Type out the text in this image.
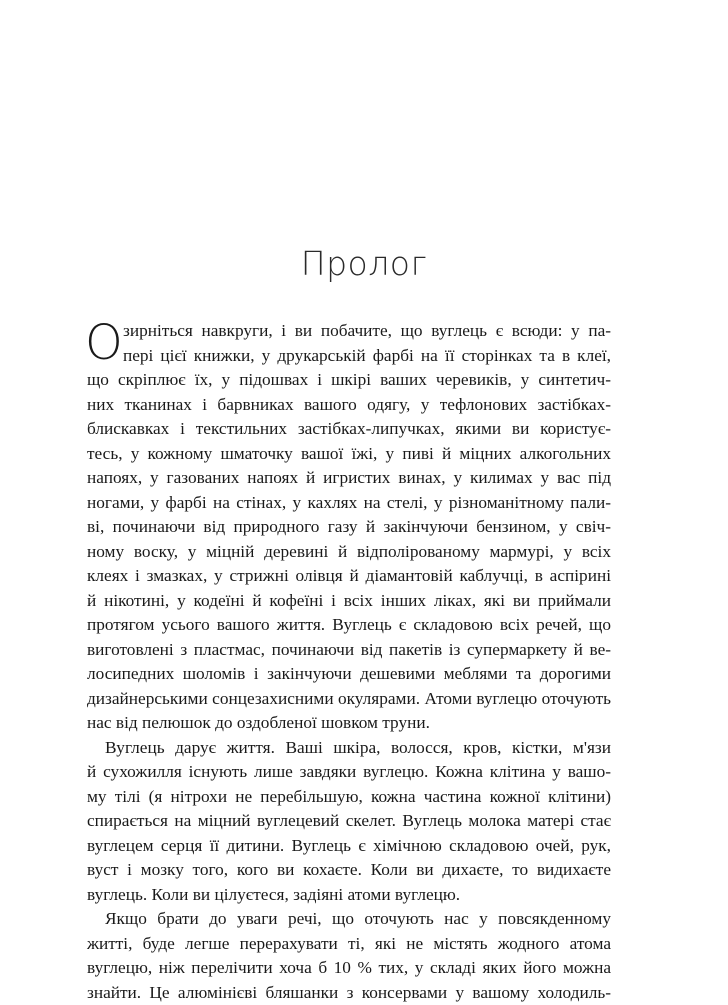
Пролог
О зирніться навкруги, і ви побачите, що вуглець є всюди: у па-
пері цієї книжки, у друкарській фарбі на її сторінках та в клеї,
що скріплює їх, у підошвах і шкірі ваших черевиків, у синтетич-
них тканинах і барвниках вашого одягу, у тефлонових застібках-
блискавках і текстильних застібках-липучках, якими ви користує-
тесь, у кожному шматочку вашої їжі, у пиві й міцних алкогольних
напоях, у газованих напоях й игристих винах, у килимах у вас під
ногами, у фарбі на стінах, у кахлях на стелі, у різноманітному пали-
ві, починаючи від природного газу й закінчуючи бензином, у свіч-
ному воску, у міцній деревині й відполірованому мармурі, у всіх
клеях і змазках, у стрижні олівця й діамантовій каблучці, в аспірині
й нікотині, у кодеїні й кофеїні і всіх інших ліках, які ви приймали
протягом усього вашого життя. Вуглець є складовою всіх речей, що
виготовлені з пластмас, починаючи від пакетів із супермаркету й ве-
лосипедних шоломів і закінчуючи дешевими меблями та дорогими
дизайнерськими сонцезахисними окулярами. Атоми вуглецю оточують
нас від пелюшок до оздобленої шовком труни.
Вуглець дарує життя. Ваші шкіра, волосся, кров, кістки, м'язи
й сухожилля існують лише завдяки вуглецю. Кожна клітина у вашо-
му тілі (я нітрохи не перебільшую, кожна частина кожної клітини)
спирається на міцний вуглецевий скелет. Вуглець молока матері стає
вуглецем серця її дитини. Вуглець є хімічною складовою очей, рук,
вуст і мозку того, кого ви кохаєте. Коли ви дихаєте, то видихаєте
вуглець. Коли ви цілуєтеся, задіяні атоми вуглецю.
Якщо брати до уваги речі, що оточують нас у повсякденному
житті, буде легше перерахувати ті, які не містять жодного атома
вуглецю, ніж перелічити хоча б 10 % тих, у складі яких його можна
знайти. Це алюмінієві бляшанки з консервами у вашому холодиль-
